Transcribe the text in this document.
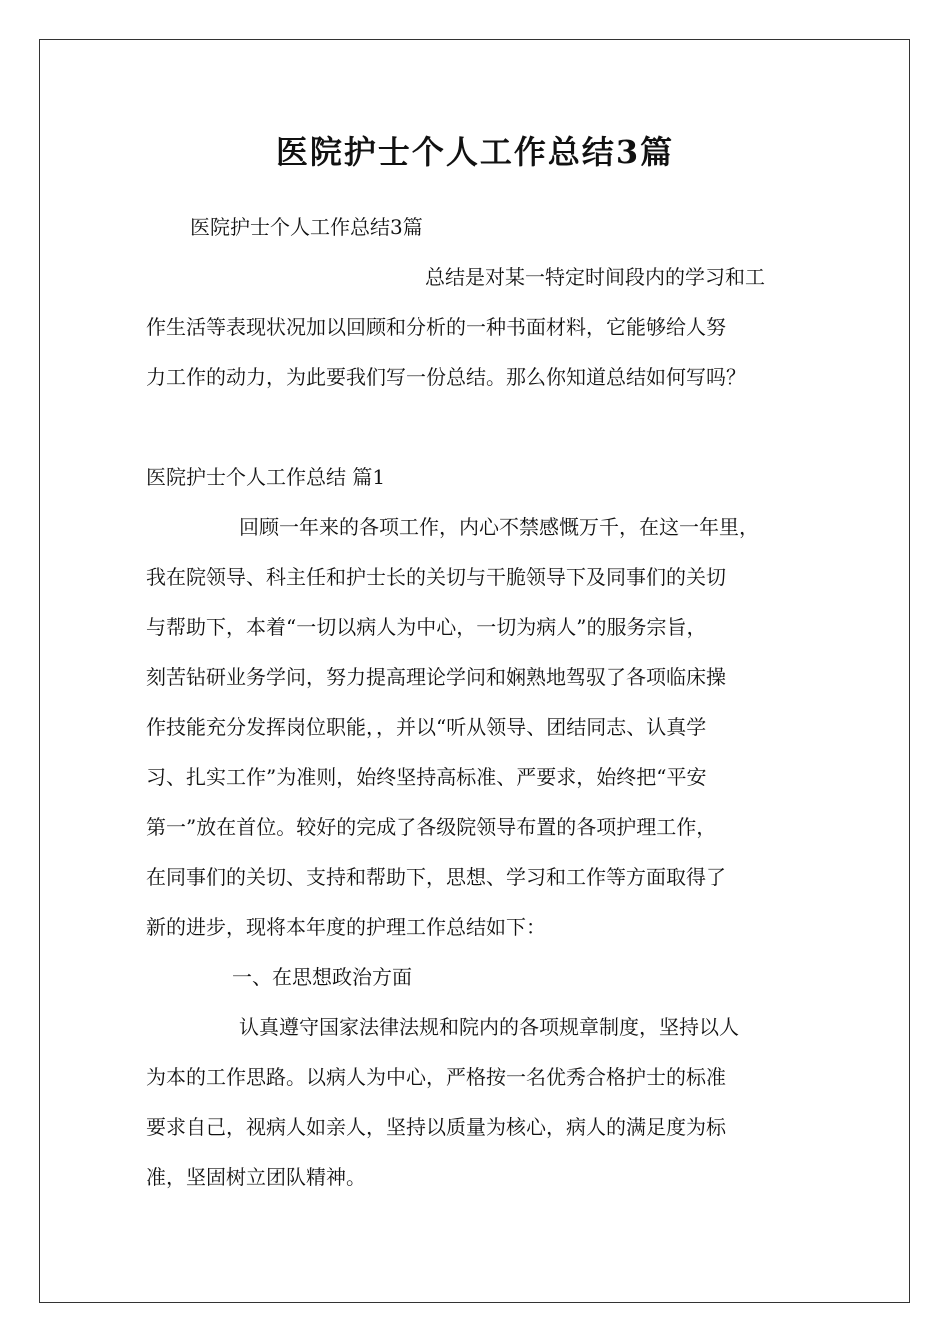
医院护士个人工作总结3篇

医院护士个人工作总结3篇

总结是对某一特定时间段内的学习和工

作生活等表现状况加以回顾和分析的一种书面材料，它能够给人努

力工作的动力，为此要我们写一份总结。那么你知道总结如何写吗？

医院护士个人工作总结 篇1

回顾一年来的各项工作，内心不禁感慨万千，在这一年里，

我在院领导、科主任和护士长的关切与干脆领导下及同事们的关切

与帮助下，本着“一切以病人为中心，一切为病人”的服务宗旨，

刻苦钻研业务学问，努力提高理论学问和娴熟地驾驭了各项临床操

作技能充分发挥岗位职能，，并以“听从领导、团结同志、认真学

习、扎实工作”为准则，始终坚持高标准、严要求，始终把“平安

第一”放在首位。较好的完成了各级院领导布置的各项护理工作，

在同事们的关切、支持和帮助下，思想、学习和工作等方面取得了

新的进步，现将本年度的护理工作总结如下：

一、在思想政治方面

认真遵守国家法律法规和院内的各项规章制度，坚持以人

为本的工作思路。以病人为中心，严格按一名优秀合格护士的标准

要求自己，视病人如亲人，坚持以质量为核心，病人的满足度为标

准，坚固树立团队精神。
